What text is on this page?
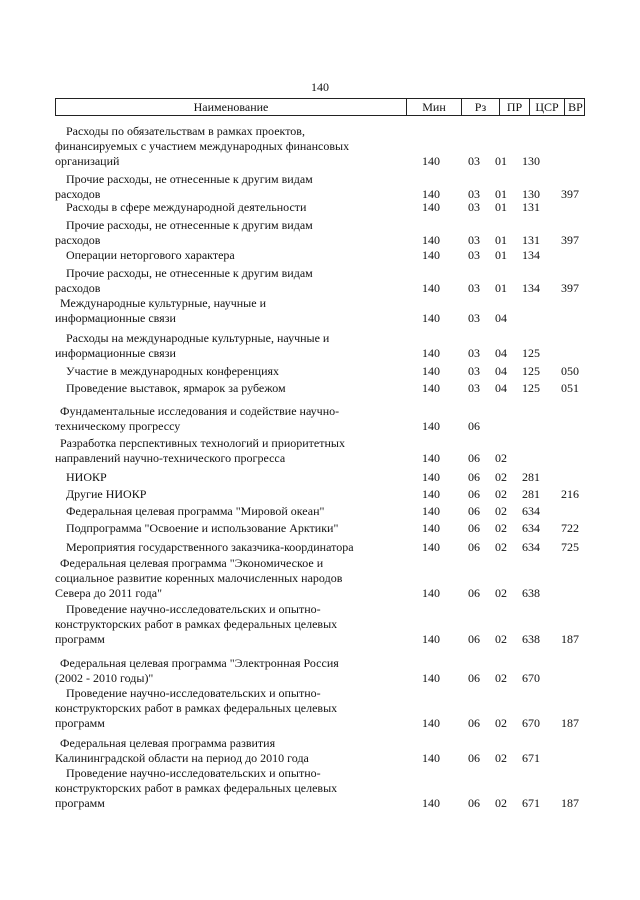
140
Наименование	Мин	Рз	ПР	ЦСР ВР
Расходы по обязательствам в рамках проектов,
финансируемых с участием международных финансовых
организаций	140 03 01 130
Прочие расходы, не отнесенные к другим видам
расходов	140 03 01 130 397
Расходы в сфере международной деятельности	140 03 01 131
Прочие расходы, не отнесенные к другим видам
расходов	140 03 01 131 397
Операции неторгового характера	140 03 01 134
Прочие расходы, не отнесенные к другим видам
расходов	140 03 01 134 397
Международные культурные, научные и
информационные связи	140 03 04
Расходы на международные культурные, научные и
информационные связи	140 03 04 125
Участие в международных конференциях	140 03 04 125 050
Проведение выставок, ярмарок за рубежом	140 03 04 125 051
Фундаментальные исследования и содействие научно-
техническому прогрессу	140 06
Разработка перспективных технологий и приоритетных
направлений научно-технического прогресса	140 06 02
НИОКР	140 06 02 281
Другие НИОКР	140 06 02 281 216
Федеральная целевая программа "Мировой океан"	140 06 02 634
Подпрограмма "Освоение и использование Арктики"	140 06 02 634 722
Мероприятия государственного заказчика-координатора	140 06 02 634 725
Федеральная целевая программа "Экономическое и
социальное развитие коренных малочисленных народов
Севера до 2011 года"	140 06 02 638
Проведение научно-исследовательских и опытно-
конструкторских работ в рамках федеральных целевых
программ	140 06 02 638 187
Федеральная целевая программа "Электронная Россия
(2002 - 2010 годы)"	140 06 02 670
Проведение научно-исследовательских и опытно-
конструкторских работ в рамках федеральных целевых
программ	140 06 02 670 187
Федеральная целевая программа развития
Калининградской области на период до 2010 года	140 06 02 671
Проведение научно-исследовательских и опытно-
конструкторских работ в рамках федеральных целевых
программ	140 06 02 671 187
